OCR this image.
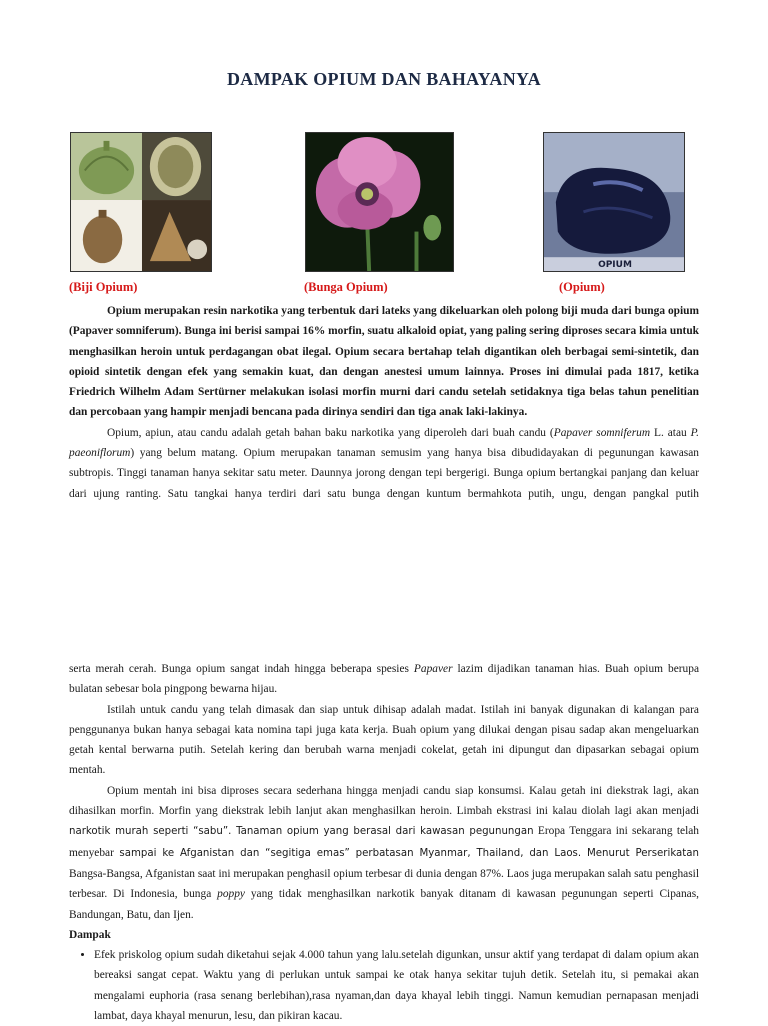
DAMPAK OPIUM DAN BAHAYANYA
OPIUM
(Biji Opium)	(Bunga Opium)	(Opium)

Opium merupakan resin narkotika yang terbentuk dari lateks yang dikeluarkan oleh polong biji muda dari bunga opium (Papaver somniferum). Bunga ini berisi sampai 16% morfin, suatu alkaloid opiat, yang paling sering diproses secara kimia untuk menghasilkan heroin untuk perdagangan obat ilegal. Opium secara bertahap telah digantikan oleh berbagai semi-sintetik, dan opioid sintetik dengan efek yang semakin kuat, dan dengan anestesi umum lainnya. Proses ini dimulai pada 1817, ketika Friedrich Wilhelm Adam Sertürner melakukan isolasi morfin murni dari candu setelah setidaknya tiga belas tahun penelitian dan percobaan yang hampir menjadi bencana pada dirinya sendiri dan tiga anak laki-lakinya.

Opium, apiun, atau candu adalah getah bahan baku narkotika yang diperoleh dari buah candu (Papaver somniferum L. atau P. paeoniflorum) yang belum matang. Opium merupakan tanaman semusim yang hanya bisa dibudidayakan di pegunungan kawasan subtropis. Tinggi tanaman hanya sekitar satu meter. Daunnya jorong dengan tepi bergerigi. Bunga opium bertangkai panjang dan keluar dari ujung ranting. Satu tangkai hanya terdiri dari satu bunga dengan kuntum bermahkota putih, ungu, dengan pangkal putih

serta merah cerah. Bunga opium sangat indah hingga beberapa spesies Papaver lazim dijadikan tanaman hias. Buah opium berupa bulatan sebesar bola pingpong bewarna hijau.

Istilah untuk candu yang telah dimasak dan siap untuk dihisap adalah madat. Istilah ini banyak digunakan di kalangan para penggunanya bukan hanya sebagai kata nomina tapi juga kata kerja. Buah opium yang dilukai dengan pisau sadap akan mengeluarkan getah kental berwarna putih. Setelah kering dan berubah warna menjadi cokelat, getah ini dipungut dan dipasarkan sebagai opium mentah.

Opium mentah ini bisa diproses secara sederhana hingga menjadi candu siap konsumsi. Kalau getah ini diekstrak lagi, akan dihasilkan morfin. Morfin yang diekstrak lebih lanjut akan menghasilkan heroin. Limbah ekstrasi ini kalau diolah lagi akan menjadi narkotik murah seperti “sabu”. Tanaman opium yang berasal dari kawasan pegunungan Eropa Tenggara ini sekarang telah menyebar sampai ke Afganistan dan “segitiga emas” perbatasan Myanmar, Thailand, dan Laos. Menurut Perserikatan Bangsa-Bangsa, Afganistan saat ini merupakan penghasil opium terbesar di dunia dengan 87%. Laos juga merupakan salah satu penghasil terbesar. Di Indonesia, bunga poppy yang tidak menghasilkan narkotik banyak ditanam di kawasan pegunungan seperti Cipanas, Bandungan, Batu, dan Ijen.

Dampak

• Efek priskolog opium sudah diketahui sejak 4.000 tahun yang lalu.setelah digunkan, unsur aktif yang terdapat di dalam opium akan bereaksi sangat cepat. Waktu yang di perlukan untuk sampai ke otak hanya sekitar tujuh detik. Setelah itu, si pemakai akan mengalami euphoria (rasa senang berlebihan),rasa nyaman,dan daya khayal lebih tinggi. Namun kemudian pernapasan menjadi lambat, daya khayal menurun, lesu, dan pikiran kacau.
